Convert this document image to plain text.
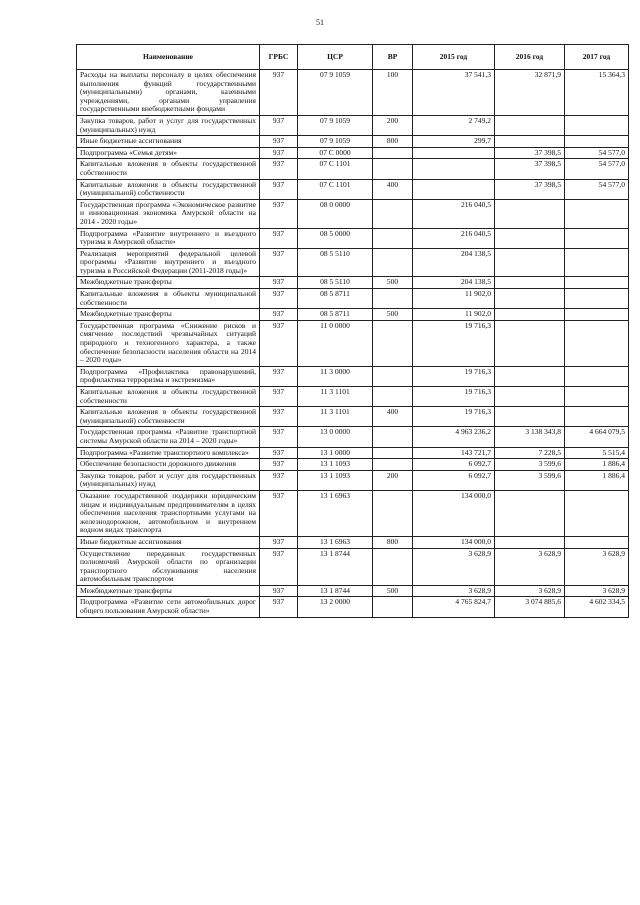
51
Наименование	ГРБС	ЦСР	ВР	2015 год	2016 год	2017 год
Расходы на выплаты персоналу в целях обеспечения выполнения функций государственными (муниципальными) органами, казенными учреждениями, органами управления государственными внебюджетными фондами	937	07 9 1059	100	37 541,3	32 871,9	15 364,3
Закупка товаров, работ и услуг для государственных (муниципальных) нужд	937	07 9 1059	200	2 749,2		
Иные бюджетные ассигнования	937	07 9 1059	800	299,7		
Подпрограмма «Семья детям»	937	07 С 0000			37 398,5	54 577,0
Капитальные вложения в объекты государственной собственности	937	07 С 1101			37 398,5	54 577,0
Капитальные вложения в объекты государственной (муниципальной) собственности	937	07 С 1101	400		37 398,5	54 577,0
Государственная программа «Экономическое развитие и инновационная экономика Амурской области на 2014 - 2020 годы»	937	08 0 0000		216 040,5		
Подпрограмма «Развитие внутреннего и въездного туризма в Амурской области»	937	08 5 0000		216 040,5		
Реализация мероприятий федеральной целевой программы «Развитие внутреннего и въездного туризма в Российской Федерации (2011-2018 годы)»	937	08 5 5110		204 138,5		
Межбюджетные трансферты	937	08 5 5110	500	204 138,5		
Капитальные вложения в объекты муниципальной собственности	937	08 5 8711		11 902,0		
Межбюджетные трансферты	937	08 5 8711	500	11 902,0		
Государственная программа «Снижение рисков и смягчение последствий чрезвычайных ситуаций природного и техногенного характера, а также обеспечение безопасности населения области на 2014 – 2020 годы»	937	11 0 0000		19 716,3		
Подпрограмма «Профилактика правонарушений, профилактика терроризма и экстремизма»	937	11 3 0000		19 716,3		
Капитальные вложения в объекты государственной собственности	937	11 3 1101		19 716,3		
Капитальные вложения в объекты государственной (муниципальной) собственности	937	11 3 1101	400	19 716,3		
Государственная программа «Развитие транспортной системы Амурской области на 2014 – 2020 годы»	937	13 0 0000		4 963 236,2	3 138 343,8	4 664 079,5
Подпрограмма «Развитие транспортного комплекса»	937	13 1 0000		143 721,7	7 228,5	5 515,4
Обеспечение безопасности дорожного движения	937	13 1 1093		6 092,7	3 599,6	1 886,4
Закупка товаров, работ и услуг для государственных (муниципальных) нужд	937	13 1 1093	200	6 092,7	3 599,6	1 886,4
Оказание государственной поддержки юридическим лицам и индивидуальным предпринимателям в целях обеспечения населения транспортными услугами на железнодорожном, автомобильном и внутреннем водном видах транспорта	937	13 1 6963		134 000,0		
Иные бюджетные ассигнования	937	13 1 6963	800	134 000,0		
Осуществление переданных государственных полномочий Амурской области по организации транспортного обслуживания населения автомобильным транспортом	937	13 1 8744		3 628,9	3 628,9	3 628,9
Межбюджетные трансферты	937	13 1 8744	500	3 628,9	3 628,9	3 628,9
Подпрограмма «Развитие сети автомобильных дорог общего пользования Амурской области»	937	13 2 0000		4 765 824,7	3 074 885,6	4 602 334,5
